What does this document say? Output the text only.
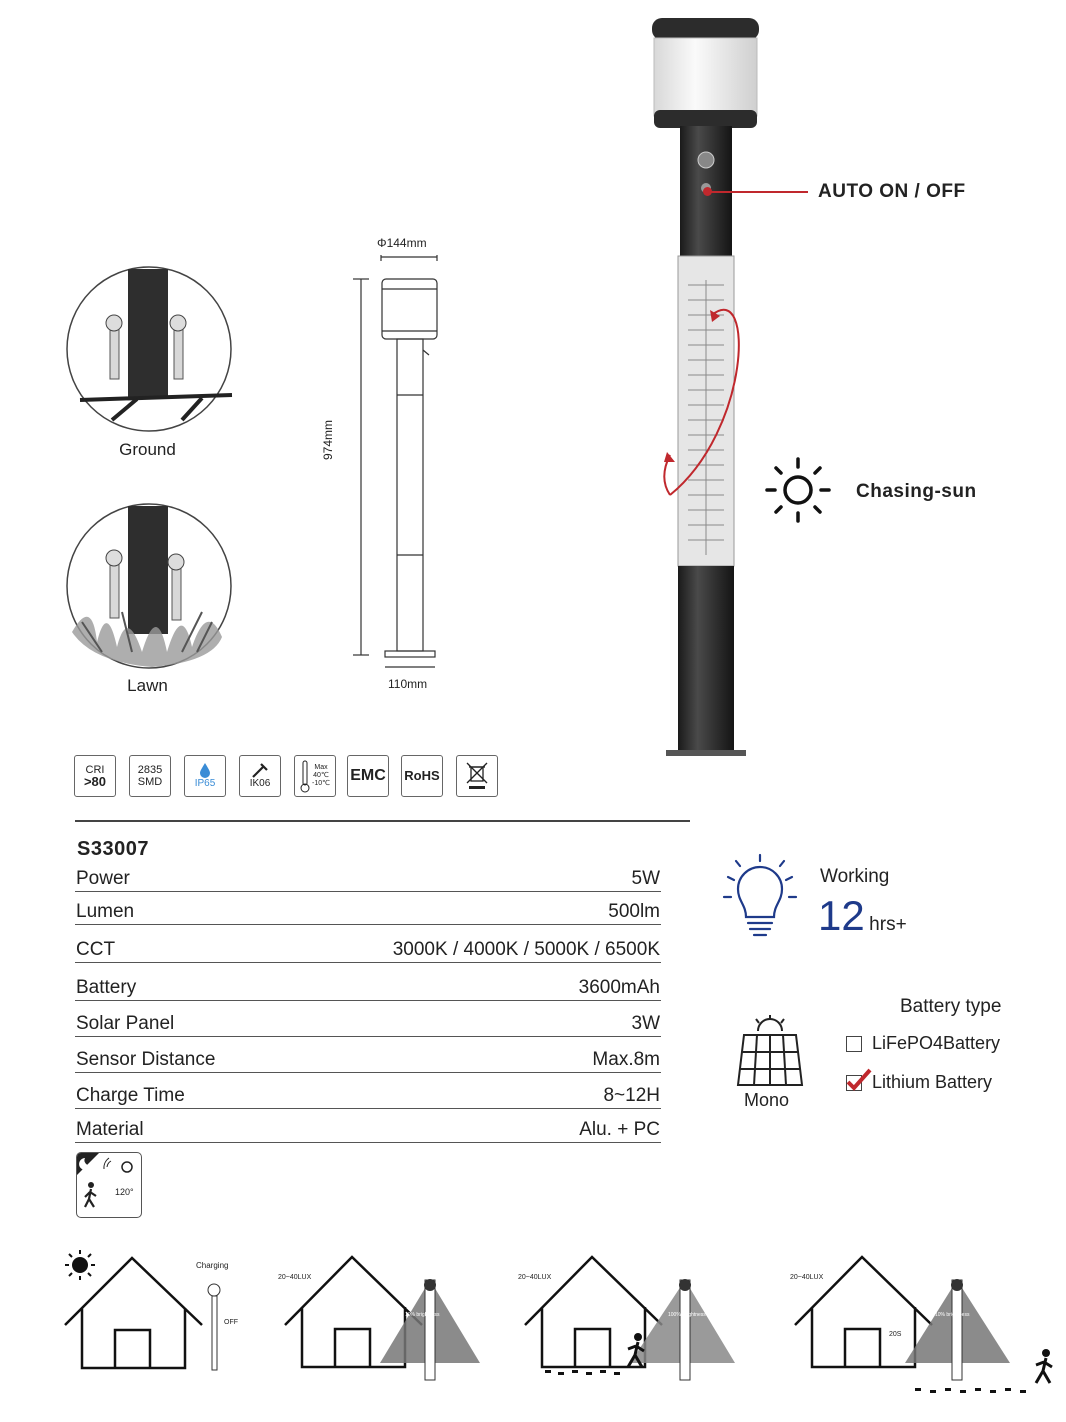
AUTO ON / OFF
Chasing-sun
Ground
Lawn
Φ144mm
974mm
110mm
CRI
>80
2835
SMD	IP65	IK06
Max
40℃
-10℃ EMC RoHS
S33007
Power	5W
Lumen	500lm
CCT	3000K / 4000K / 5000K / 6500K
Battery	3600mAh
Solar Panel	3W
Sensor Distance	Max.8m
Charge Time	8~12H
Material	Alu. + PC
Working
12 hrs+
Mono
Battery type
LiFePO4Battery
Lithium Battery
120°
Charging
OFF
20~40LUX
10% brightness
20~40LUX
100% Brightness
20~40LUX
20S
10% brightness
